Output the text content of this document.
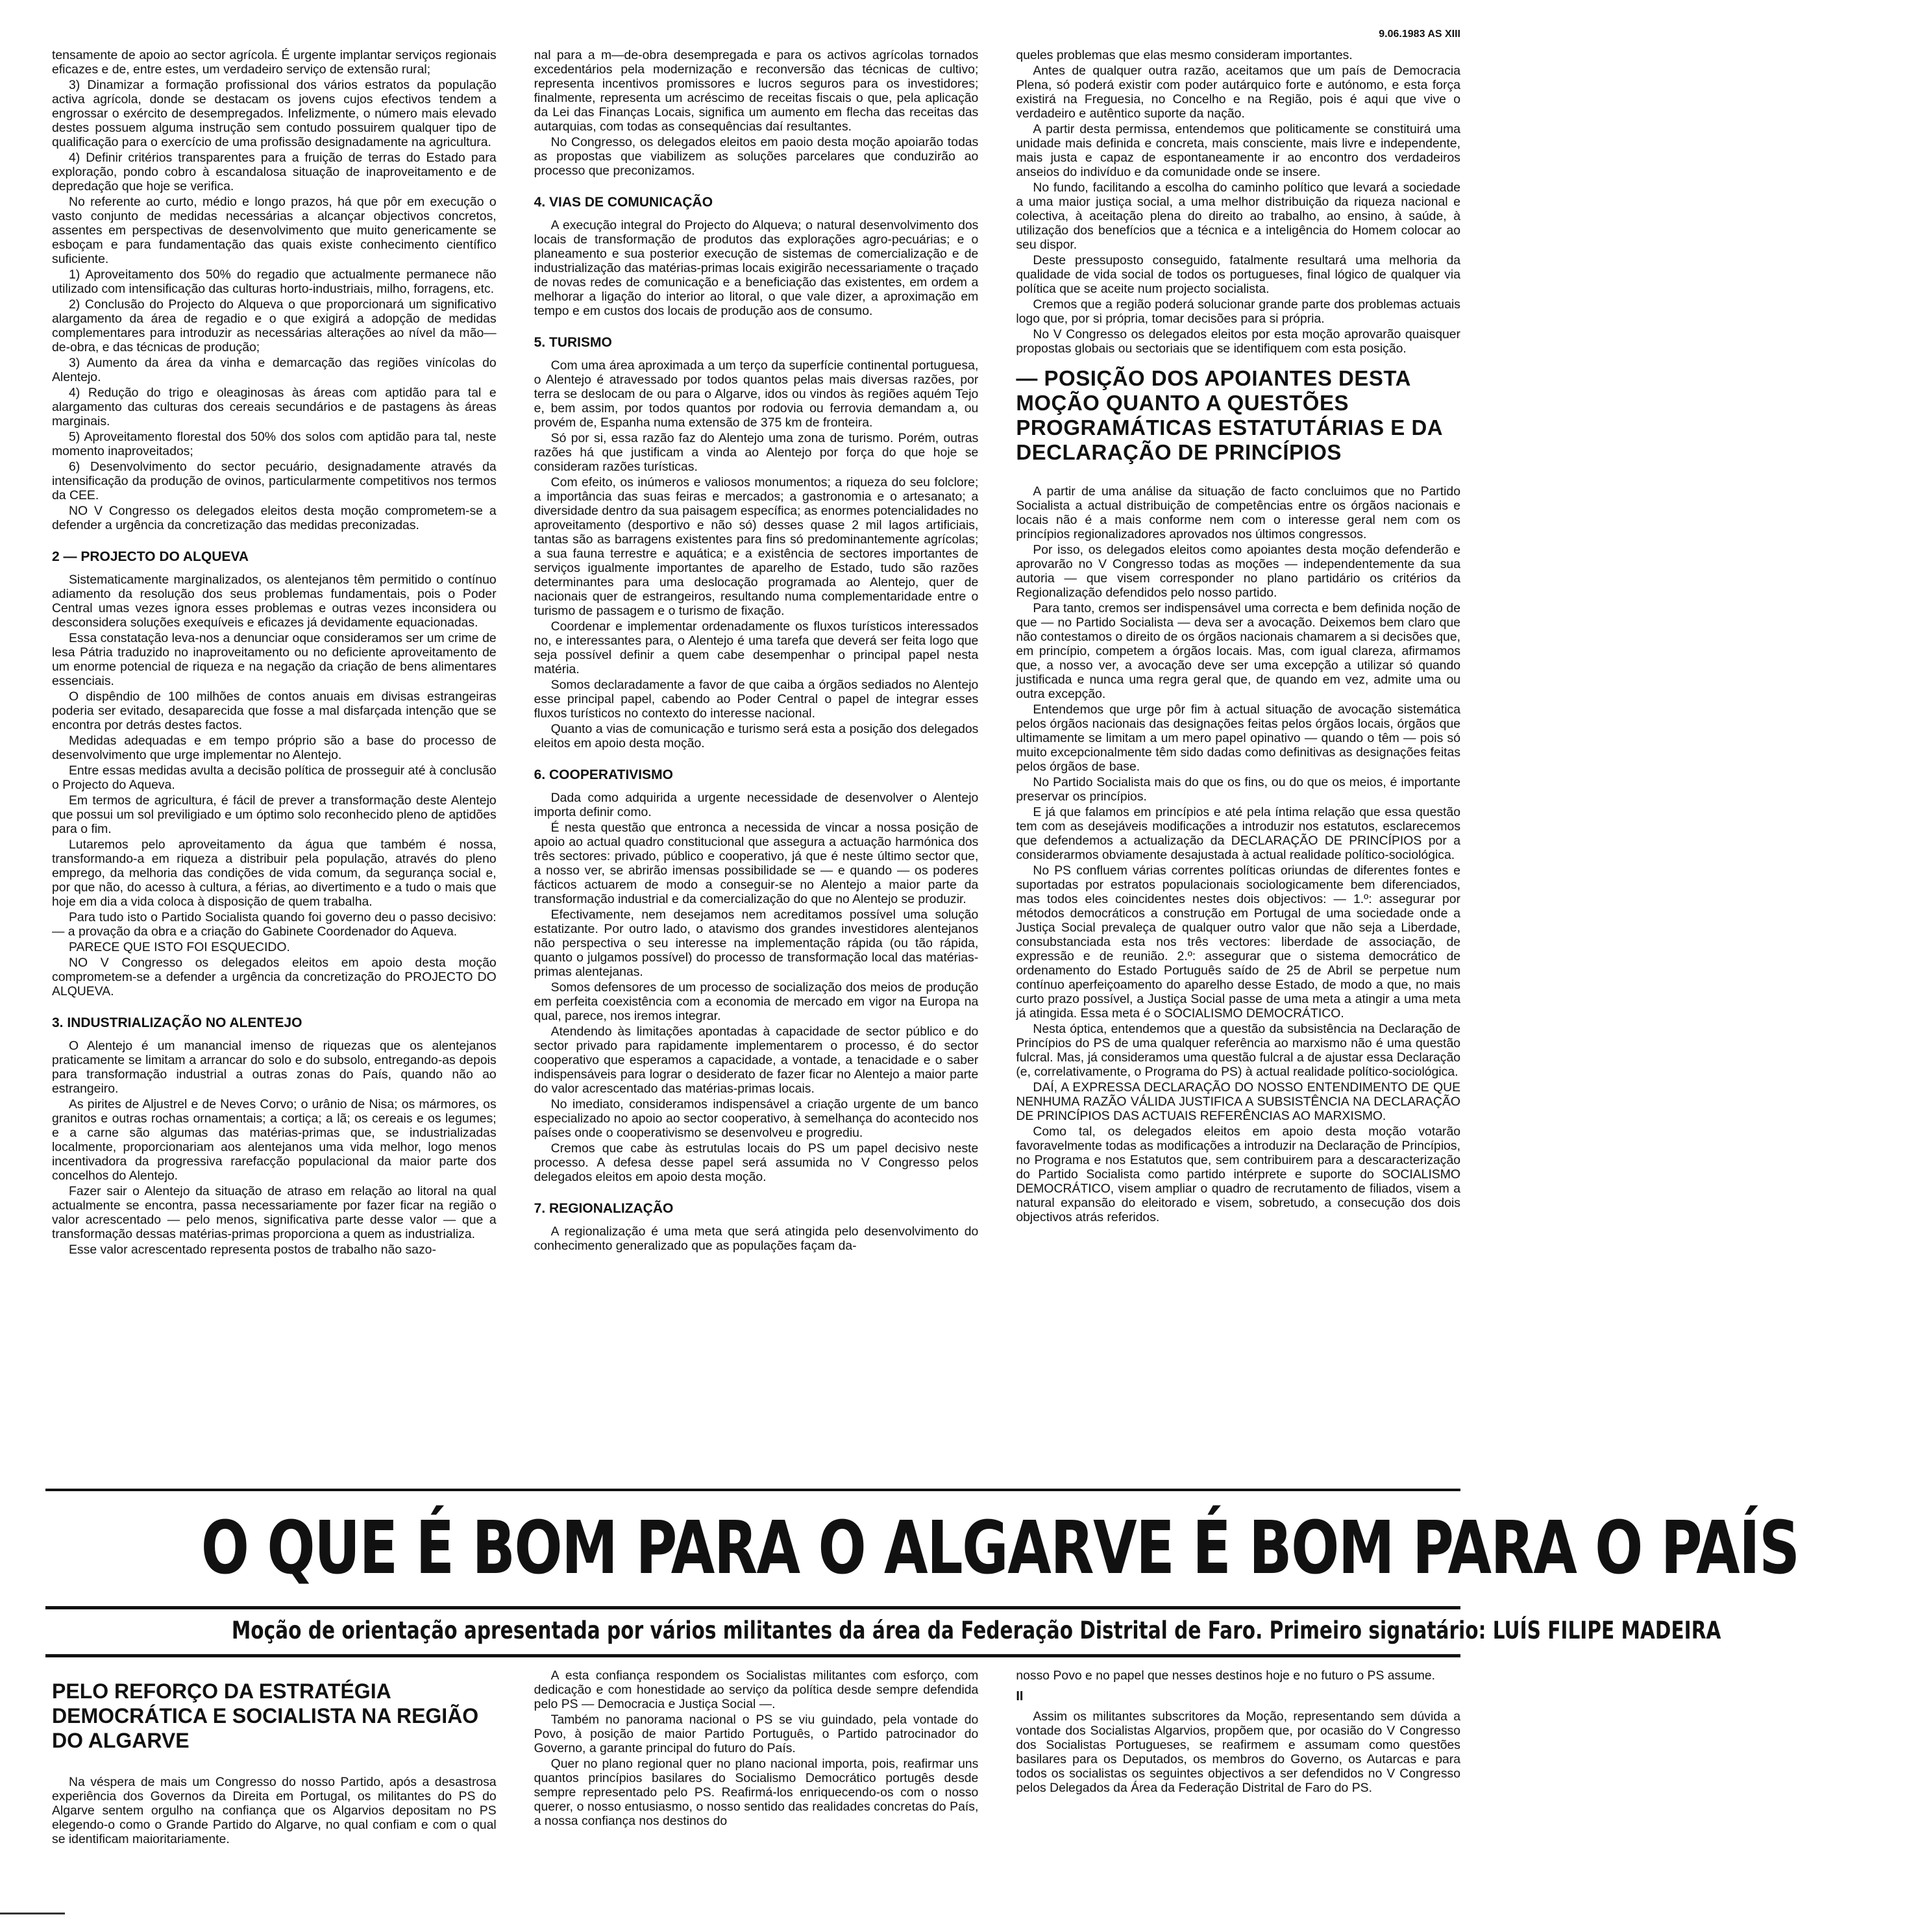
9.06.1983 AS XIII

tensamente de apoio ao sector agrícola. É urgente implantar serviços regionais eficazes e de, entre estes, um verdadeiro serviço de extensão rural;

3) Dinamizar a formação profissional dos vários estratos da população activa agrícola, donde se destacam os jovens cujos efectivos tendem a engrossar o exército de desempregados. Infelizmente, o número mais elevado destes possuem alguma instrução sem contudo possuirem qualquer tipo de qualificação para o exercício de uma profissão designadamente na agricultura.

4) Definir critérios transparentes para a fruição de terras do Estado para exploração, pondo cobro à escandalosa situação de inaproveitamento e de depredação que hoje se verifica.

No referente ao curto, médio e longo prazos, há que pôr em execução o vasto conjunto de medidas necessárias a alcançar objectivos concretos, assentes em perspectivas de desenvolvimento que muito genericamente se esboçam e para fundamentação das quais existe conhecimento científico suficiente.

1) Aproveitamento dos 50% do regadio que actualmente permanece não utilizado com intensificação das culturas horto-industriais, milho, forragens, etc.

2) Conclusão do Projecto do Alqueva o que proporcionará um significativo alargamento da área de regadio e o que exigirá a adopção de medidas complementares para introduzir as necessárias alterações ao nível da mão—de-obra, e das técnicas de produção;

3) Aumento da área da vinha e demarcação das regiões vinícolas do Alentejo.

4) Redução do trigo e oleaginosas às áreas com aptidão para tal e alargamento das culturas dos cereais secundários e de pastagens às áreas marginais.

5) Aproveitamento florestal dos 50% dos solos com aptidão para tal, neste momento inaproveitados;

6) Desenvolvimento do sector pecuário, designadamente através da intensificação da produção de ovinos, particularmente competitivos nos termos da CEE.

NO V Congresso os delegados eleitos desta moção comprometem-se a defender a urgência da concretização das medidas preconizadas.

2 — PROJECTO DO ALQUEVA

Sistematicamente marginalizados, os alentejanos têm permitido o contínuo adiamento da resolução dos seus problemas fundamentais, pois o Poder Central umas vezes ignora esses problemas e outras vezes inconsidera ou desconsidera soluções exequíveis e eficazes já devidamente equacionadas.

Essa constatação leva-nos a denunciar oque consideramos ser um crime de lesa Pátria traduzido no inaproveitamento ou no deficiente aproveitamento de um enorme potencial de riqueza e na negação da criação de bens alimentares essenciais.

O dispêndio de 100 milhões de contos anuais em divisas estrangeiras poderia ser evitado, desaparecida que fosse a mal disfarçada intenção que se encontra por detrás destes factos.

Medidas adequadas e em tempo próprio são a base do processo de desenvolvimento que urge implementar no Alentejo.

Entre essas medidas avulta a decisão política de prosseguir até à conclusão o Projecto do Aqueva.

Em termos de agricultura, é fácil de prever a transformação deste Alentejo que possui um sol previligiado e um óptimo solo reconhecido pleno de aptidões para o fim.

Lutaremos pelo aproveitamento da água que também é nossa, transformando-a em riqueza a distribuir pela população, através do pleno emprego, da melhoria das condições de vida comum, da segurança social e, por que não, do acesso à cultura, a férias, ao divertimento e a tudo o mais que hoje em dia a vida coloca à disposição de quem trabalha.

Para tudo isto o Partido Socialista quando foi governo deu o passo decisivo: — a provação da obra e a criação do Gabinete Coordenador do Aqueva.

PARECE QUE ISTO FOI ESQUECIDO.

NO V Congresso os delegados eleitos em apoio desta moção comprometem-se a defender a urgência da concretização do PROJECTO DO ALQUEVA.

3. INDUSTRIALIZAÇÃO NO ALENTEJO

O Alentejo é um manancial imenso de riquezas que os alentejanos praticamente se limitam a arrancar do solo e do subsolo, entregando-as depois para transformação industrial a outras zonas do País, quando não ao estrangeiro.

As pirites de Aljustrel e de Neves Corvo; o urânio de Nisa; os mármores, os granitos e outras rochas ornamentais; a cortiça; a lã; os cereais e os legumes; e a carne são algumas das matérias-primas que, se industrializadas localmente, proporcionariam aos alentejanos uma vida melhor, logo menos incentivadora da progressiva rarefacção populacional da maior parte dos concelhos do Alentejo.

Fazer sair o Alentejo da situação de atraso em relação ao litoral na qual actualmente se encontra, passa necessariamente por fazer ficar na região o valor acrescentado — pelo menos, significativa parte desse valor — que a transformação dessas matérias-primas proporciona a quem as industrializa.

Esse valor acrescentado representa postos de trabalho não sazo-

nal para a m—de-obra desempregada e para os activos agrícolas tornados excedentários pela modernização e reconversão das técnicas de cultivo; representa incentivos promissores e lucros seguros para os investidores; finalmente, representa um acréscimo de receitas fiscais o que, pela aplicação da Lei das Finanças Locais, significa um aumento em flecha das receitas das autarquias, com todas as consequências daí resultantes.

No Congresso, os delegados eleitos em paoio desta moção apoiarão todas as propostas que viabilizem as soluções parcelares que conduzirão ao processo que preconizamos.

4. VIAS DE COMUNICAÇÃO

A execução integral do Projecto do Alqueva; o natural desenvolvimento dos locais de transformação de produtos das explorações agro-pecuárias; e o planeamento e sua posterior execução de sistemas de comercialização e de industrialização das matérias-primas locais exigirão necessariamente o traçado de novas redes de comunicação e a beneficiação das existentes, em ordem a melhorar a ligação do interior ao litoral, o que vale dizer, a aproximação em tempo e em custos dos locais de produção aos de consumo.

5. TURISMO

Com uma área aproximada a um terço da superfície continental portuguesa, o Alentejo é atravessado por todos quantos pelas mais diversas razões, por terra se deslocam de ou para o Algarve, idos ou vindos às regiões aquém Tejo e, bem assim, por todos quantos por rodovia ou ferrovia demandam a, ou provém de, Espanha numa extensão de 375 km de fronteira.

Só por si, essa razão faz do Alentejo uma zona de turismo. Porém, outras razões há que justificam a vinda ao Alentejo por força do que hoje se consideram razões turísticas.

Com efeito, os inúmeros e valiosos monumentos; a riqueza do seu folclore; a importância das suas feiras e mercados; a gastronomia e o artesanato; a diversidade dentro da sua paisagem específica; as enormes potencialidades no aproveitamento (desportivo e não só) desses quase 2 mil lagos artificiais, tantas são as barragens existentes para fins só predominantemente agrícolas; a sua fauna terrestre e aquática; e a existência de sectores importantes de serviços igualmente importantes de aparelho de Estado, tudo são razões determinantes para uma deslocação programada ao Alentejo, quer de nacionais quer de estrangeiros, resultando numa complementaridade entre o turismo de passagem e o turismo de fixação.

Coordenar e implementar ordenadamente os fluxos turísticos interessados no, e interessantes para, o Alentejo é uma tarefa que deverá ser feita logo que seja possível definir a quem cabe desempenhar o principal papel nesta matéria.

Somos declaradamente a favor de que caiba a órgãos sediados no Alentejo esse principal papel, cabendo ao Poder Central o papel de integrar esses fluxos turísticos no contexto do interesse nacional.

Quanto a vias de comunicação e turismo será esta a posição dos delegados eleitos em apoio desta moção.

6. COOPERATIVISMO

Dada como adquirida a urgente necessidade de desenvolver o Alentejo importa definir como.

É nesta questão que entronca a necessida de vincar a nossa posição de apoio ao actual quadro constitucional que assegura a actuação harmónica dos três sectores: privado, público e cooperativo, já que é neste último sector que, a nosso ver, se abrirão imensas possibilidade se — e quando — os poderes fácticos actuarem de modo a conseguir-se no Alentejo a maior parte da transformação industrial e da comercialização do que no Alentejo se produzir.

Efectivamente, nem desejamos nem acreditamos possível uma solução estatizante. Por outro lado, o atavismo dos grandes investidores alentejanos não perspectiva o seu interesse na implementação rápida (ou tão rápida, quanto o julgamos possível) do processo de transformação local das matérias-primas alentejanas.

Somos defensores de um processo de socialização dos meios de produção em perfeita coexistência com a economia de mercado em vigor na Europa na qual, parece, nos iremos integrar.

Atendendo às limitações apontadas à capacidade de sector público e do sector privado para rapidamente implementarem o processo, é do sector cooperativo que esperamos a capacidade, a vontade, a tenacidade e o saber indispensáveis para lograr o desiderato de fazer ficar no Alentejo a maior parte do valor acrescentado das matérias-primas locais.

No imediato, consideramos indispensável a criação urgente de um banco especializado no apoio ao sector cooperativo, à semelhança do acontecido nos países onde o cooperativismo se desenvolveu e progrediu.

Cremos que cabe às estrutulas locais do PS um papel decisivo neste processo. A defesa desse papel será assumida no V Congresso pelos delegados eleitos em apoio desta moção.

7. REGIONALIZAÇÃO

A regionalização é uma meta que será atingida pelo desenvolvimento do conhecimento generalizado que as populações façam da-

queles problemas que elas mesmo consideram importantes.

Antes de qualquer outra razão, aceitamos que um país de Democracia Plena, só poderá existir com poder autárquico forte e autónomo, e esta força existirá na Freguesia, no Concelho e na Região, pois é aqui que vive o verdadeiro e autêntico suporte da nação.

A partir desta permissa, entendemos que politicamente se constituirá uma unidade mais definida e concreta, mais consciente, mais livre e independente, mais justa e capaz de espontaneamente ir ao encontro dos verdadeiros anseios do indivíduo e da comunidade onde se insere.

No fundo, facilitando a escolha do caminho político que levará a sociedade a uma maior justiça social, a uma melhor distribuição da riqueza nacional e colectiva, à aceitação plena do direito ao trabalho, ao ensino, à saúde, à utilização dos benefícios que a técnica e a inteligência do Homem colocar ao seu dispor.

Deste pressuposto conseguido, fatalmente resultará uma melhoria da qualidade de vida social de todos os portugueses, final lógico de qualquer via política que se aceite num projecto socialista.

Cremos que a região poderá solucionar grande parte dos problemas actuais logo que, por si própria, tomar decisões para si própria.

No V Congresso os delegados eleitos por esta moção aprovarão quaisquer propostas globais ou sectoriais que se identifiquem com esta posição.

— POSIÇÃO DOS APOIANTES DESTA MOÇÃO QUANTO A QUESTÕES PROGRAMÁTICAS ESTATUTÁRIAS E DA DECLARAÇÃO DE PRINCÍPIOS

A partir de uma análise da situação de facto concluimos que no Partido Socialista a actual distribuição de competências entre os órgãos nacionais e locais não é a mais conforme nem com o interesse geral nem com os princípios regionalizadores aprovados nos últimos congressos.

Por isso, os delegados eleitos como apoiantes desta moção defenderão e aprovarão no V Congresso todas as moções — independentemente da sua autoria — que visem corresponder no plano partidário os critérios da Regionalização defendidos pelo nosso partido.

Para tanto, cremos ser indispensável uma correcta e bem definida noção de que — no Partido Socialista — deva ser a avocação. Deixemos bem claro que não contestamos o direito de os órgãos nacionais chamarem a si decisões que, em princípio, competem a órgãos locais. Mas, com igual clareza, afirmamos que, a nosso ver, a avocação deve ser uma excepção a utilizar só quando justificada e nunca uma regra geral que, de quando em vez, admite uma ou outra excepção.

Entendemos que urge pôr fim à actual situação de avocação sistemática pelos órgãos nacionais das designações feitas pelos órgãos locais, órgãos que ultimamente se limitam a um mero papel opinativo — quando o têm — pois só muito excepcionalmente têm sido dadas como definitivas as designações feitas pelos órgãos de base.

No Partido Socialista mais do que os fins, ou do que os meios, é importante preservar os princípios.

E já que falamos em princípios e até pela íntima relação que essa questão tem com as desejáveis modificações a introduzir nos estatutos, esclarecemos que defendemos a actualização da DECLARAÇÃO DE PRINCÍPIOS por a considerarmos obviamente desajustada à actual realidade político-sociológica.

No PS confluem várias correntes políticas oriundas de diferentes fontes e suportadas por estratos populacionais sociologicamente bem diferenciados, mas todos eles coincidentes nestes dois objectivos: — 1.º: assegurar por métodos democráticos a construção em Portugal de uma sociedade onde a Justiça Social prevaleça de qualquer outro valor que não seja a Liberdade, consubstanciada esta nos três vectores: liberdade de associação, de expressão e de reunião. 2.º: assegurar que o sistema democrático de ordenamento do Estado Português saído de 25 de Abril se perpetue num contínuo aperfeiçoamento do aparelho desse Estado, de modo a que, no mais curto prazo possível, a Justiça Social passe de uma meta a atingir a uma meta já atingida. Essa meta é o SOCIALISMO DEMOCRÁTICO.

Nesta óptica, entendemos que a questão da subsistência na Declaração de Princípios do PS de uma qualquer referência ao marxismo não é uma questão fulcral. Mas, já consideramos uma questão fulcral a de ajustar essa Declaração (e, correlativamente, o Programa do PS) à actual realidade político-sociológica.

DAÍ, A EXPRESSA DECLARAÇÃO DO NOSSO ENTENDIMENTO DE QUE NENHUMA RAZÃO VÁLIDA JUSTIFICA A SUBSISTÊNCIA NA DECLARAÇÃO DE PRINCÍPIOS DAS ACTUAIS REFERÊNCIAS AO MARXISMO.

Como tal, os delegados eleitos em apoio desta moção votarão favoravelmente todas as modificações a introduzir na Declaração de Princípios, no Programa e nos Estatutos que, sem contribuirem para a descaracterização do Partido Socialista como partido intérprete e suporte do SOCIALISMO DEMOCRÁTICO, visem ampliar o quadro de recrutamento de filiados, visem a natural expansão do eleitorado e visem, sobretudo, a consecução dos dois objectivos atrás referidos.

O QUE É BOM PARA O ALGARVE É BOM PARA O PAÍS
Moção de orientação apresentada por vários militantes da área da Federação Distrital de Faro. Primeiro signatário: LUÍS FILIPE MADEIRA
PELO REFORÇO DA ESTRATÉGIA DEMOCRÁTICA E SOCIALISTA NA REGIÃO DO ALGARVE

Na véspera de mais um Congresso do nosso Partido, após a desastrosa experiência dos Governos da Direita em Portugal, os militantes do PS do Algarve sentem orgulho na confiança que os Algarvios depositam no PS elegendo-o como o Grande Partido do Algarve, no qual confiam e com o qual se identificam maioritariamente.

A esta confiança respondem os Socialistas militantes com esforço, com dedicação e com honestidade ao serviço da política desde sempre defendida pelo PS — Democracia e Justiça Social —.

Também no panorama nacional o PS se viu guindado, pela vontade do Povo, à posição de maior Partido Português, o Partido patrocinador do Governo, a garante principal do futuro do País.

Quer no plano regional quer no plano nacional importa, pois, reafirmar uns quantos princípios basilares do Socialismo Democrático portugês desde sempre representado pelo PS. Reafirmá-los enriquecendo-os com o nosso querer, o nosso entusiasmo, o nosso sentido das realidades concretas do País, a nossa confiança nos destinos do

nosso Povo e no papel que nesses destinos hoje e no futuro o PS assume.

II

Assim os militantes subscritores da Moção, representando sem dúvida a vontade dos Socialistas Algarvios, propõem que, por ocasião do V Congresso dos Socialistas Portugueses, se reafirmem e assumam como questões basilares para os Deputados, os membros do Governo, os Autarcas e para todos os socialistas os seguintes objectivos a ser defendidos no V Congresso pelos Delegados da Área da Federação Distrital de Faro do PS.
